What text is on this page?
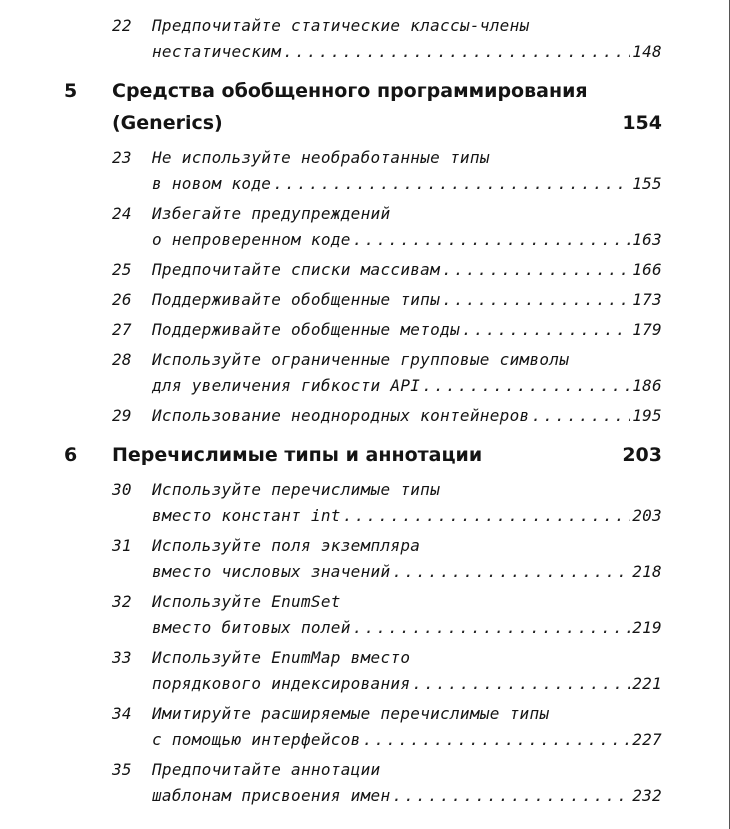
22	Предпочитайте статические классы-члены
нестатическим .....	148
5 Средства обобщенного программирования
(Generics)	154
23	Не используйте необработанные типы
в новом коде .....	155
24	Избегайте предупреждений
о непроверенном коде .....	163
25	Предпочитайте списки массивам .....	166
26	Поддерживайте обобщенные типы .....	173
27	Поддерживайте обобщенные методы .....	179
28	Используйте ограниченные групповые символы
для увеличения гибкости API .....	186
29	Использование неоднородных контейнеров .....	195
6 Перечислимые типы и аннотации	203
30	Используйте перечислимые типы
вместо констант int .....	203
31	Используйте поля экземпляра
вместо числовых значений .....	218
32	Используйте EnumSet
вместо битовых полей .....	219
33	Используйте EnumMap вместо
порядкового индексирования .....	221
34	Имитируйте расширяемые перечислимые типы
с помощью интерфейсов .....	227
35	Предпочитайте аннотации
шаблонам присвоения имен .....	232
